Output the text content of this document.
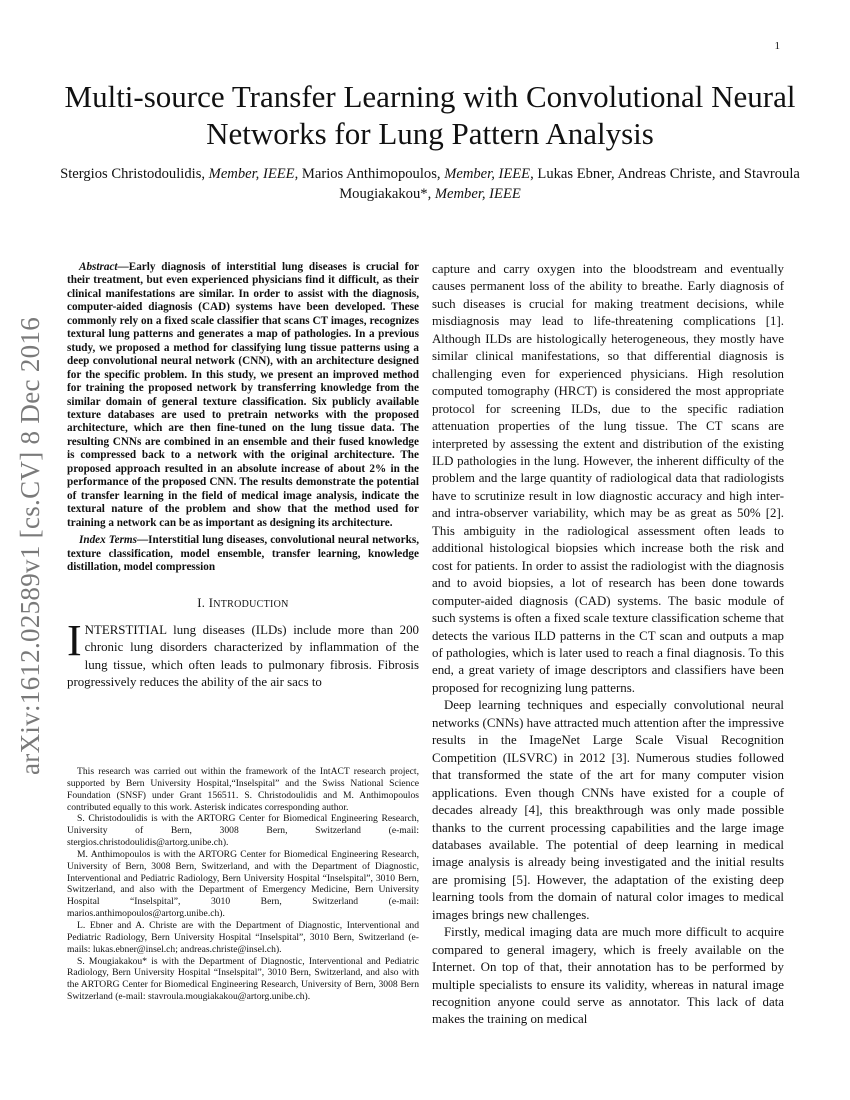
1
arXiv:1612.02589v1 [cs.CV] 8 Dec 2016
Multi-source Transfer Learning with Convolutional Neural Networks for Lung Pattern Analysis
Stergios Christodoulidis, Member, IEEE, Marios Anthimopoulos, Member, IEEE, Lukas Ebner, Andreas Christe, and Stavroula Mougiakakou*, Member, IEEE

Abstract—Early diagnosis of interstitial lung diseases is crucial for their treatment, but even experienced physicians find it difficult, as their clinical manifestations are similar. In order to assist with the diagnosis, computer-aided diagnosis (CAD) systems have been developed. These commonly rely on a fixed scale classifier that scans CT images, recognizes textural lung patterns and generates a map of pathologies. In a previous study, we proposed a method for classifying lung tissue patterns using a deep convolutional neural network (CNN), with an architecture designed for the specific problem. In this study, we present an improved method for training the proposed network by transferring knowledge from the similar domain of general texture classification. Six publicly available texture databases are used to pretrain networks with the proposed architecture, which are then fine-tuned on the lung tissue data. The resulting CNNs are combined in an ensemble and their fused knowledge is compressed back to a network with the original architecture. The proposed approach resulted in an absolute increase of about 2% in the performance of the proposed CNN. The results demonstrate the potential of transfer learning in the field of medical image analysis, indicate the textural nature of the problem and show that the method used for training a network can be as important as designing its architecture.

Index Terms—Interstitial lung diseases, convolutional neural networks, texture classification, model ensemble, transfer learning, knowledge distillation, model compression

I. INTRODUCTION

INTERSTITIAL lung diseases (ILDs) include more than 200 chronic lung disorders characterized by inflammation of the lung tissue, which often leads to pulmonary fibrosis. Fibrosis progressively reduces the ability of the air sacs to

This research was carried out within the framework of the IntACT research project, supported by Bern University Hospital,“Inselspital” and the Swiss National Science Foundation (SNSF) under Grant 156511. S. Christodoulidis and M. Anthimopoulos contributed equally to this work. Asterisk indicates corresponding author.

S. Christodoulidis is with the ARTORG Center for Biomedical Engineering Research, University of Bern, 3008 Bern, Switzerland (e-mail: stergios.christodoulidis@artorg.unibe.ch).

M. Anthimopoulos is with the ARTORG Center for Biomedical Engineering Research, University of Bern, 3008 Bern, Switzerland, and with the Department of Diagnostic, Interventional and Pediatric Radiology, Bern University Hospital “Inselspital”, 3010 Bern, Switzerland, and also with the Department of Emergency Medicine, Bern University Hospital “Inselspital”, 3010 Bern, Switzerland (e-mail: marios.anthimopoulos@artorg.unibe.ch).

L. Ebner and A. Christe are with the Department of Diagnostic, Interventional and Pediatric Radiology, Bern University Hospital “Inselspital”, 3010 Bern, Switzerland (e-mails: lukas.ebner@insel.ch; andreas.christe@insel.ch).

S. Mougiakakou* is with the Department of Diagnostic, Interventional and Pediatric Radiology, Bern University Hospital “Inselspital”, 3010 Bern, Switzerland, and also with the ARTORG Center for Biomedical Engineering Research, University of Bern, 3008 Bern Switzerland (e-mail: stavroula.mougiakakou@artorg.unibe.ch).

capture and carry oxygen into the bloodstream and eventually causes permanent loss of the ability to breathe. Early diagnosis of such diseases is crucial for making treatment decisions, while misdiagnosis may lead to life-threatening complications [1]. Although ILDs are histologically heterogeneous, they mostly have similar clinical manifestations, so that differential diagnosis is challenging even for experienced physicians. High resolution computed tomography (HRCT) is considered the most appropriate protocol for screening ILDs, due to the specific radiation attenuation properties of the lung tissue. The CT scans are interpreted by assessing the extent and distribution of the existing ILD pathologies in the lung. However, the inherent difficulty of the problem and the large quantity of radiological data that radiologists have to scrutinize result in low diagnostic accuracy and high inter- and intra-observer variability, which may be as great as 50% [2]. This ambiguity in the radiological assessment often leads to additional histological biopsies which increase both the risk and cost for patients. In order to assist the radiologist with the diagnosis and to avoid biopsies, a lot of research has been done towards computer-aided diagnosis (CAD) systems. The basic module of such systems is often a fixed scale texture classification scheme that detects the various ILD patterns in the CT scan and outputs a map of pathologies, which is later used to reach a final diagnosis. To this end, a great variety of image descriptors and classifiers have been proposed for recognizing lung patterns.

Deep learning techniques and especially convolutional neural networks (CNNs) have attracted much attention after the impressive results in the ImageNet Large Scale Visual Recognition Competition (ILSVRC) in 2012 [3]. Numerous studies followed that transformed the state of the art for many computer vision applications. Even though CNNs have existed for a couple of decades already [4], this breakthrough was only made possible thanks to the current processing capabilities and the large image databases available. The potential of deep learning in medical image analysis is already being investigated and the initial results are promising [5]. However, the adaptation of the existing deep learning tools from the domain of natural color images to medical images brings new challenges.

Firstly, medical imaging data are much more difficult to acquire compared to general imagery, which is freely available on the Internet. On top of that, their annotation has to be performed by multiple specialists to ensure its validity, whereas in natural image recognition anyone could serve as annotator. This lack of data makes the training on medical
